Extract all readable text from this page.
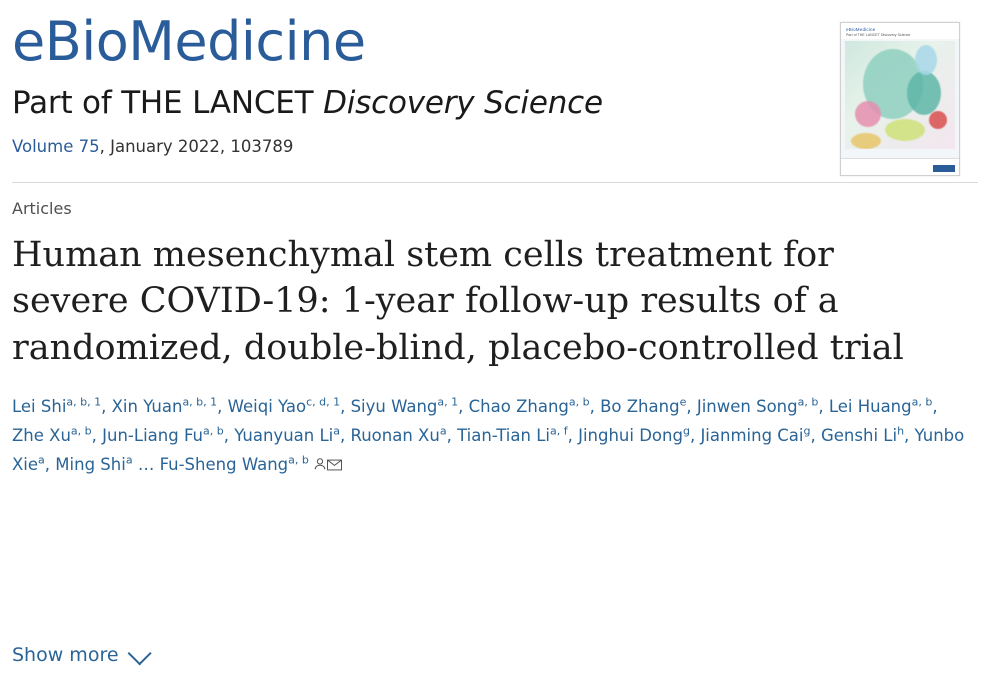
eBioMedicine
Part of THE LANCET Discovery Science
Volume 75, January 2022, 103789
eBioMedicine
Part of THE LANCET Discovery Science
Articles
Human mesenchymal stem cells treatment for severe COVID-19: 1-year follow-up results of a randomized, double-blind, placebo-controlled trial
Lei Shi$^{a, b, 1}$, Xin Yuan$^{a, b, 1}$, Weiqi Yao$^{c, d, 1}$, Siyu Wang$^{a, 1}$, Chao Zhang$^{a, b}$, Bo Zhang$^e$, Jinwen Song$^{a, b}$, Lei Huang$^{a, b}$, Zhe Xu$^{a, b}$, Jun-Liang Fu$^{a, b}$, Yuanyuan Li$^a$, Ruonan Xu$^a$, Tian-Tian Li$^{a, f}$, Jinghui Dong$^g$, Jianming Cai$^g$, Genshi Li$^h$, Yunbo Xie$^a$, Ming Shi$^a$ … Fu-Sheng Wang$^{a, b}$
Show more
